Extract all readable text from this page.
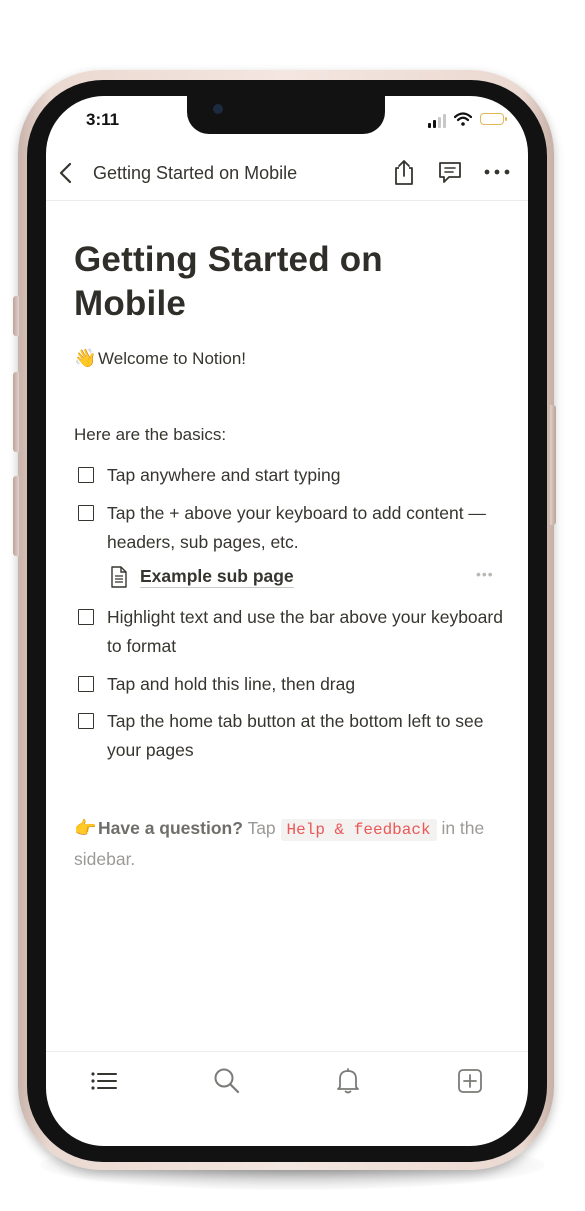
3:11
Getting Started on Mobile
Getting Started on Mobile
👋Welcome to Notion!
Here are the basics:
Tap anywhere and start typing
Tap the + above your keyboard to add content — headers, sub pages, etc.
Example sub page	•••
Highlight text and use the bar above your keyboard to format
Tap and hold this line, then drag
Tap the home tab button at the bottom left to see your pages
👉Have a question? Tap Help & feedback in the sidebar.
